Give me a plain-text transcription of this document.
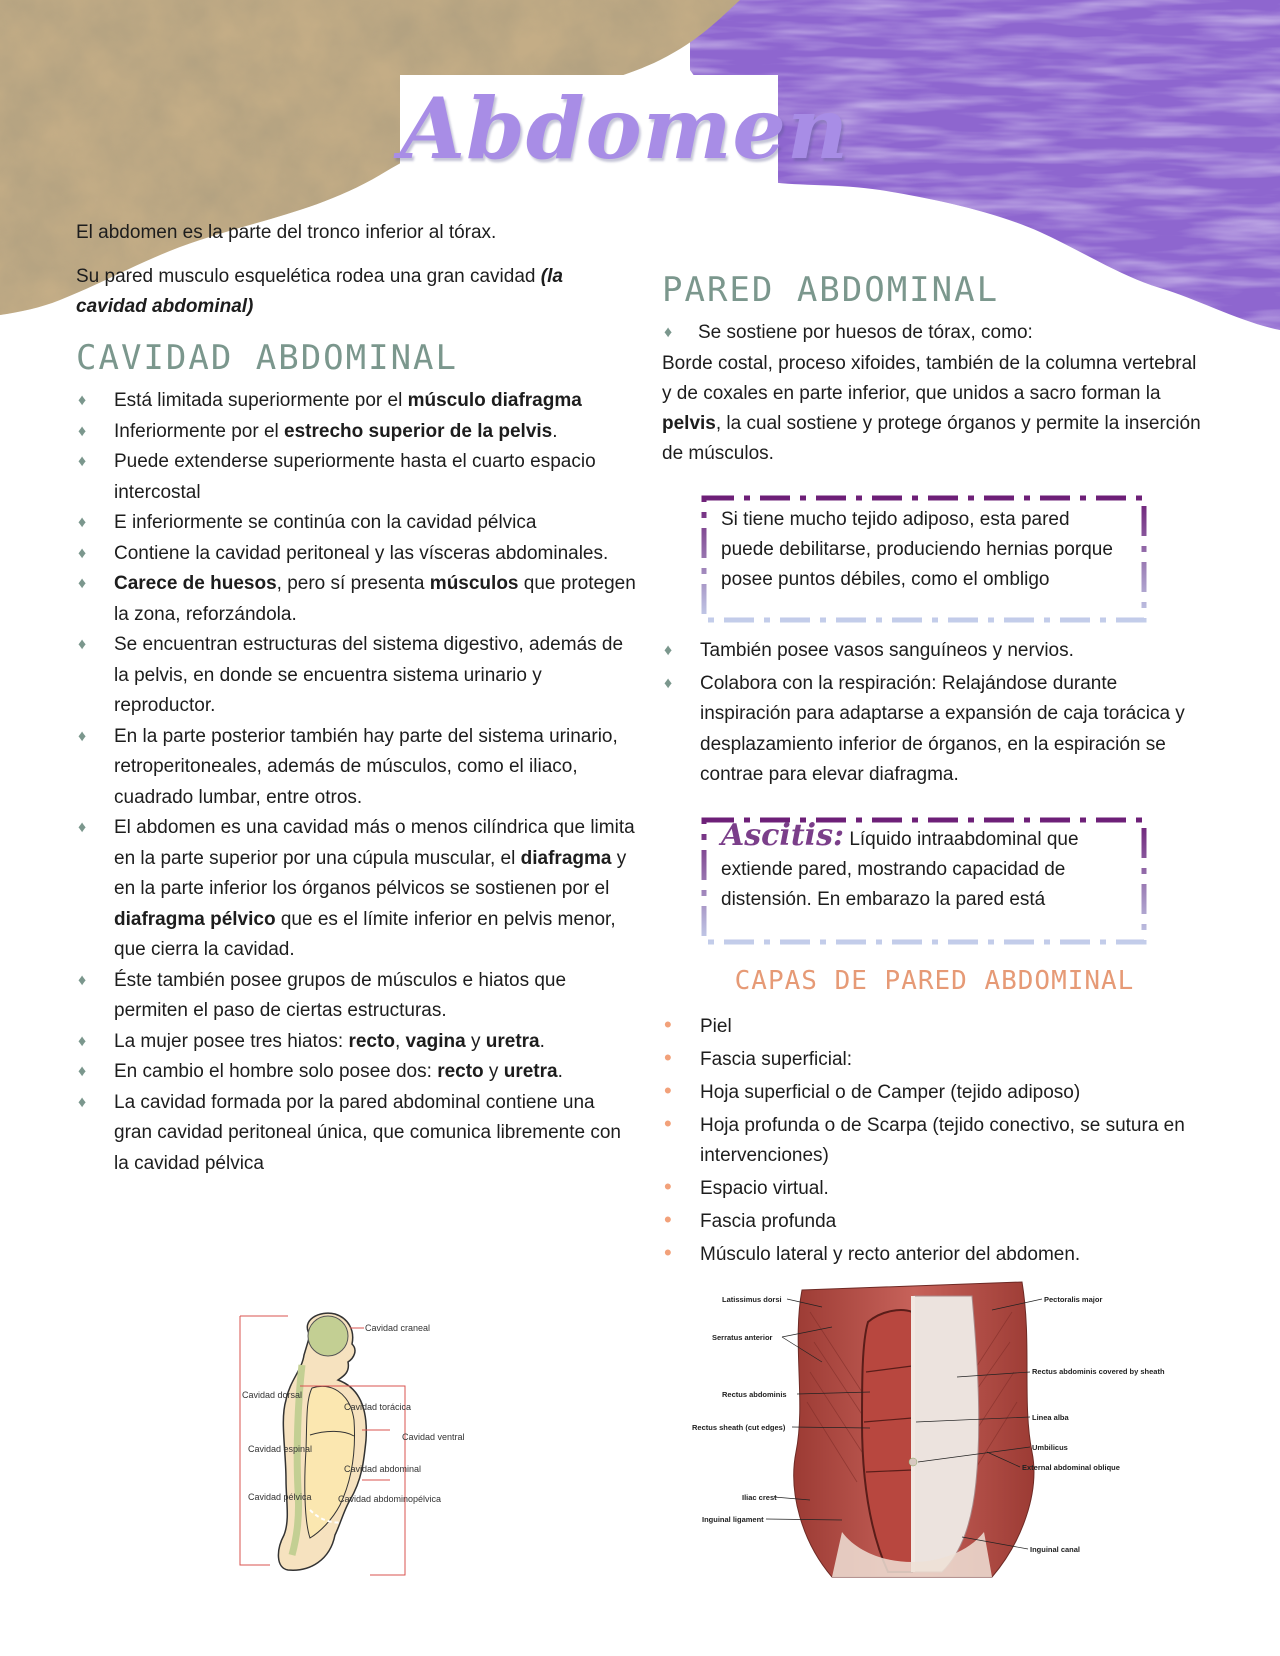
Abdomen

El abdomen es la parte del tronco inferior al tórax.

Su pared musculo esquelética rodea una gran cavidad (la cavidad abdominal)

CAVIDAD ABDOMINAL
♦ Está limitada superiormente por el músculo diafragma
♦ Inferiormente por el estrecho superior de la pelvis.
♦ Puede extenderse superiormente hasta el cuarto espacio intercostal
♦ E inferiormente se continúa con la cavidad pélvica
♦ Contiene la cavidad peritoneal y las vísceras abdominales.
♦ Carece de huesos, pero sí presenta músculos que protegen la zona, reforzándola.
♦ Se encuentran estructuras del sistema digestivo, además de la pelvis, en donde se encuentra sistema urinario y reproductor.
♦ En la parte posterior también hay parte del sistema urinario, retroperitoneales, además de músculos, como el iliaco, cuadrado lumbar, entre otros.
♦ El abdomen es una cavidad más o menos cilíndrica que limita en la parte superior por una cúpula muscular, el diafragma y en la parte inferior los órganos pélvicos se sostienen por el diafragma pélvico que es el límite inferior en pelvis menor, que cierra la cavidad.
♦ Éste también posee grupos de músculos e hiatos que permiten el paso de ciertas estructuras.
♦ La mujer posee tres hiatos: recto, vagina y uretra.
♦ En cambio el hombre solo posee dos: recto y uretra.
♦ La cavidad formada por la pared abdominal contiene una gran cavidad peritoneal única, que comunica libremente con la cavidad pélvica
PARED ABDOMINAL
♦ Se sostiene por huesos de tórax, como:

Borde costal, proceso xifoides, también de la columna vertebral y de coxales en parte inferior, que unidos a sacro forman la pelvis, la cual sostiene y protege órganos y permite la inserción de músculos.

Si tiene mucho tejido adiposo, esta pared puede debilitarse, produciendo hernias porque posee puntos débiles, como el ombligo
♦ También posee vasos sanguíneos y nervios.
♦ Colabora con la respiración: Relajándose durante inspiración para adaptarse a expansión de caja torácica y desplazamiento inferior de órganos, en la espiración se contrae para elevar diafragma.
Ascitis: Líquido intraabdominal que extiende pared, mostrando capacidad de distensión. En embarazo la pared está
CAPAS DE PARED ABDOMINAL
• Piel
• Fascia superficial:
• Hoja superficial o de Camper (tejido adiposo)
• Hoja profunda o de Scarpa (tejido conectivo, se sutura en intervenciones)
• Espacio virtual.
• Fascia profunda
• Músculo lateral y recto anterior del abdomen.
Cavidad craneal
Cavidad dorsal
Cavidad torácica
Cavidad ventral
Cavidad espinal
Cavidad abdominal
Cavidad pélvica	Cavidad abdominopélvica
Latissimus dorsi
Serratus anterior
Rectus abdominis
Rectus sheath (cut edges)
Iliac crest
Inguinal ligament
Pectoralis major
Rectus abdominis covered by sheath
Linea alba
Umbilicus
External abdominal oblique
Inguinal canal
